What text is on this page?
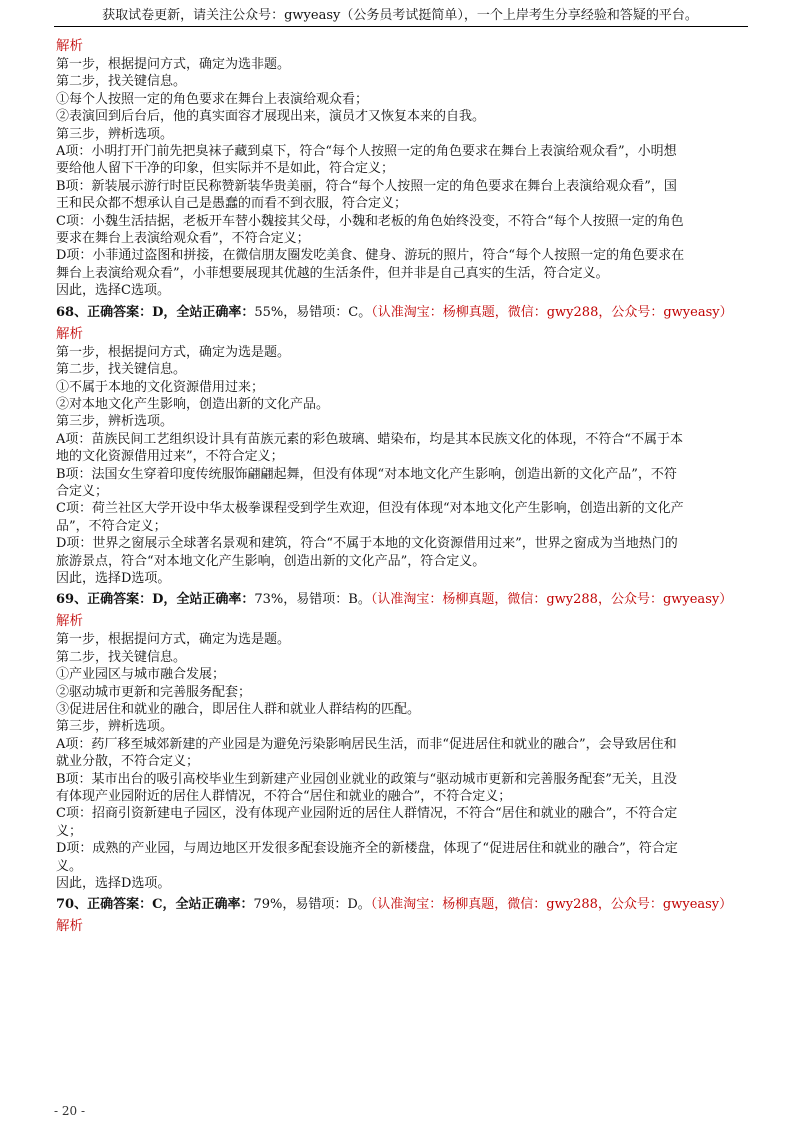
获取试卷更新，请关注公众号：gwyeasy（公务员考试挺简单），一个上岸考生分享经验和答疑的平台。
解析
第一步，根据提问方式，确定为选非题。
第二步，找关键信息。
①每个人按照一定的角色要求在舞台上表演给观众看；
②表演回到后台后，他的真实面容才展现出来，演员才又恢复本来的自我。
第三步，辨析选项。
A项：小明打开门前先把臭袜子藏到桌下，符合“每个人按照一定的角色要求在舞台上表演给观众看”，小明想
要给他人留下干净的印象，但实际并不是如此，符合定义；
B项：新装展示游行时臣民称赞新装华贵美丽，符合“每个人按照一定的角色要求在舞台上表演给观众看”，国
王和民众都不想承认自己是愚蠢的而看不到衣服，符合定义；
C项：小魏生活拮据，老板开车替小魏接其父母，小魏和老板的角色始终没变，不符合“每个人按照一定的角色
要求在舞台上表演给观众看”，不符合定义；
D项：小菲通过盗图和拼接，在微信朋友圈发吃美食、健身、游玩的照片，符合“每个人按照一定的角色要求在
舞台上表演给观众看”，小菲想要展现其优越的生活条件，但并非是自己真实的生活，符合定义。
因此，选择C选项。
68、正确答案：D，全站正确率：55%，易错项：C。（认准淘宝：杨柳真题，微信：gwy288，公众号：gwyeasy）
解析
第一步，根据提问方式，确定为选是题。
第二步，找关键信息。
①不属于本地的文化资源借用过来；
②对本地文化产生影响，创造出新的文化产品。
第三步，辨析选项。
A项：苗族民间工艺组织设计具有苗族元素的彩色玻璃、蜡染布，均是其本民族文化的体现，不符合“不属于本
地的文化资源借用过来”，不符合定义；
B项：法国女生穿着印度传统服饰翩翩起舞，但没有体现“对本地文化产生影响，创造出新的文化产品”，不符
合定义；
C项：荷兰社区大学开设中华太极拳课程受到学生欢迎，但没有体现“对本地文化产生影响，创造出新的文化产
品”，不符合定义；
D项：世界之窗展示全球著名景观和建筑，符合“不属于本地的文化资源借用过来”，世界之窗成为当地热门的
旅游景点，符合“对本地文化产生影响，创造出新的文化产品”，符合定义。
因此，选择D选项。
69、正确答案：D，全站正确率：73%，易错项：B。（认准淘宝：杨柳真题，微信：gwy288，公众号：gwyeasy）
解析
第一步，根据提问方式，确定为选是题。
第二步，找关键信息。
①产业园区与城市融合发展；
②驱动城市更新和完善服务配套；
③促进居住和就业的融合，即居住人群和就业人群结构的匹配。
第三步，辨析选项。
A项：药厂移至城郊新建的产业园是为避免污染影响居民生活，而非“促进居住和就业的融合”，会导致居住和
就业分散，不符合定义；
B项：某市出台的吸引高校毕业生到新建产业园创业就业的政策与“驱动城市更新和完善服务配套”无关，且没
有体现产业园附近的居住人群情况，不符合“居住和就业的融合”，不符合定义；
C项：招商引资新建电子园区，没有体现产业园附近的居住人群情况，不符合“居住和就业的融合”，不符合定
义；
D项：成熟的产业园，与周边地区开发很多配套设施齐全的新楼盘，体现了“促进居住和就业的融合”，符合定
义。
因此，选择D选项。
70、正确答案：C，全站正确率：79%，易错项：D。（认准淘宝：杨柳真题，微信：gwy288，公众号：gwyeasy）
解析
- 20 -
